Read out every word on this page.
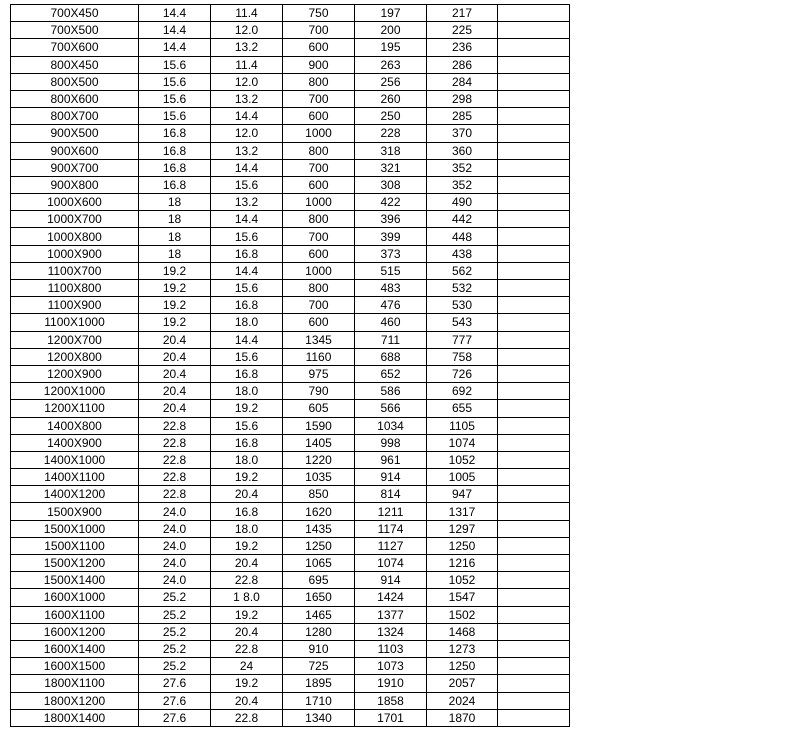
700X450	14.4	11.4	750	197	217	
700X500	14.4	12.0	700	200	225	
700X600	14.4	13.2	600	195	236	
800X450	15.6	11.4	900	263	286	
800X500	15.6	12.0	800	256	284	
800X600	15.6	13.2	700	260	298	
800X700	15.6	14.4	600	250	285	
900X500	16.8	12.0	1000	228	370	
900X600	16.8	13.2	800	318	360	
900X700	16.8	14.4	700	321	352	
900X800	16.8	15.6	600	308	352	
1000X600	18	13.2	1000	422	490	
1000X700	18	14.4	800	396	442	
1000X800	18	15.6	700	399	448	
1000X900	18	16.8	600	373	438	
1100X700	19.2	14.4	1000	515	562	
1100X800	19.2	15.6	800	483	532	
1100X900	19.2	16.8	700	476	530	
1100X1000	19.2	18.0	600	460	543	
1200X700	20.4	14.4	1345	711	777	
1200X800	20.4	15.6	1160	688	758	
1200X900	20.4	16.8	975	652	726	
1200X1000	20.4	18.0	790	586	692	
1200X1100	20.4	19.2	605	566	655	
1400X800	22.8	15.6	1590	1034	1105	
1400X900	22.8	16.8	1405	998	1074	
1400X1000	22.8	18.0	1220	961	1052	
1400X1100	22.8	19.2	1035	914	1005	
1400X1200	22.8	20.4	850	814	947	
1500X900	24.0	16.8	1620	1211	1317	
1500X1000	24.0	18.0	1435	1174	1297	
1500X1100	24.0	19.2	1250	1127	1250	
1500X1200	24.0	20.4	1065	1074	1216	
1500X1400	24.0	22.8	695	914	1052	
1600X1000	25.2	1 8.0	1650	1424	1547	
1600X1100	25.2	19.2	1465	1377	1502	
1600X1200	25.2	20.4	1280	1324	1468	
1600X1400	25.2	22.8	910	1103	1273	
1600X1500	25.2	24	725	1073	1250	
1800X1100	27.6	19.2	1895	1910	2057	
1800X1200	27.6	20.4	1710	1858	2024	
1800X1400	27.6	22.8	1340	1701	1870	
